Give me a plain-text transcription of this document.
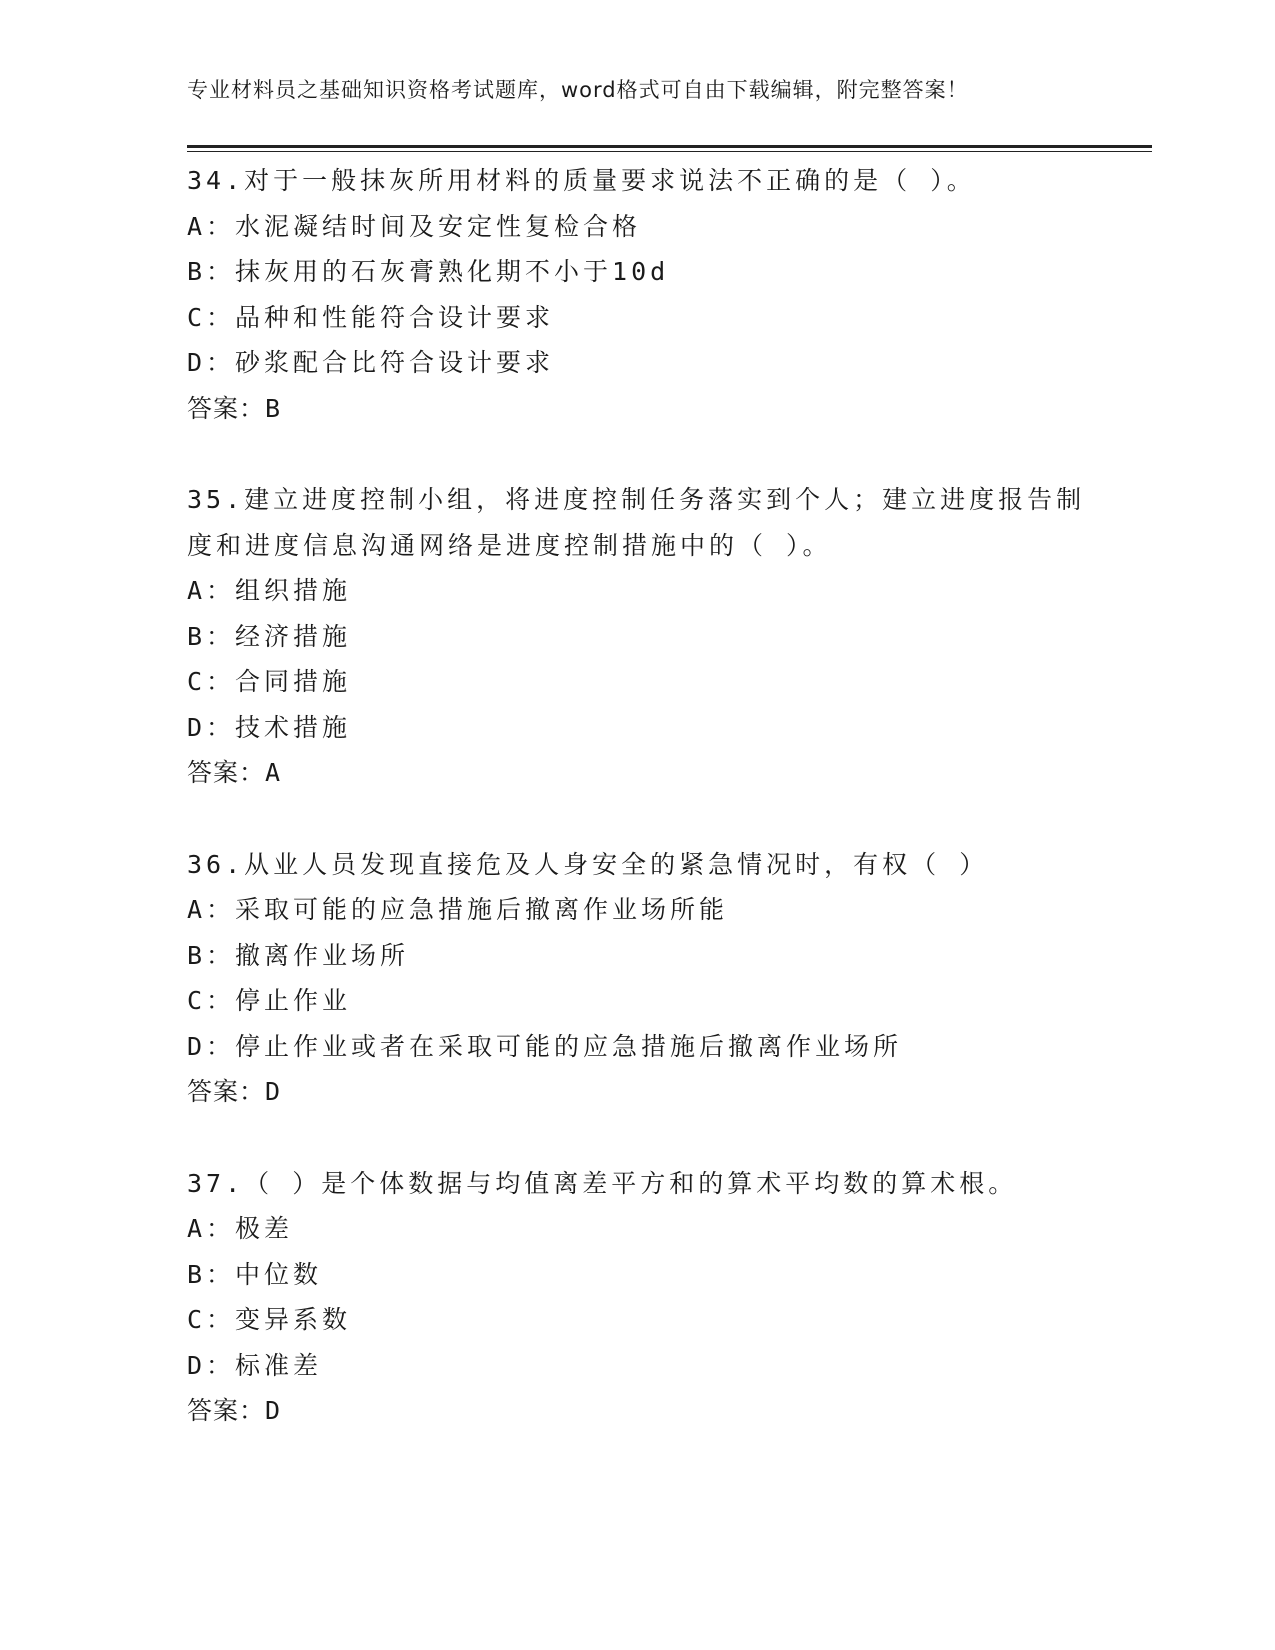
专业材料员之基础知识资格考试题库，word格式可自由下载编辑，附完整答案！
34.对于一般抹灰所用材料的质量要求说法不正确的是（ ）。
A：水泥凝结时间及安定性复检合格
B：抹灰用的石灰膏熟化期不小于10d
C：品种和性能符合设计要求
D：砂浆配合比符合设计要求
答案：B
35.建立进度控制小组，将进度控制任务落实到个人；建立进度报告制
度和进度信息沟通网络是进度控制措施中的（ ）。
A：组织措施
B：经济措施
C：合同措施
D：技术措施
答案：A
36.从业人员发现直接危及人身安全的紧急情况时，有权（ ）
A：采取可能的应急措施后撤离作业场所能
B：撤离作业场所
C：停止作业
D：停止作业或者在采取可能的应急措施后撤离作业场所
答案：D
37.（ ）是个体数据与均值离差平方和的算术平均数的算术根。
A：极差
B：中位数
C：变异系数
D：标准差
答案：D
